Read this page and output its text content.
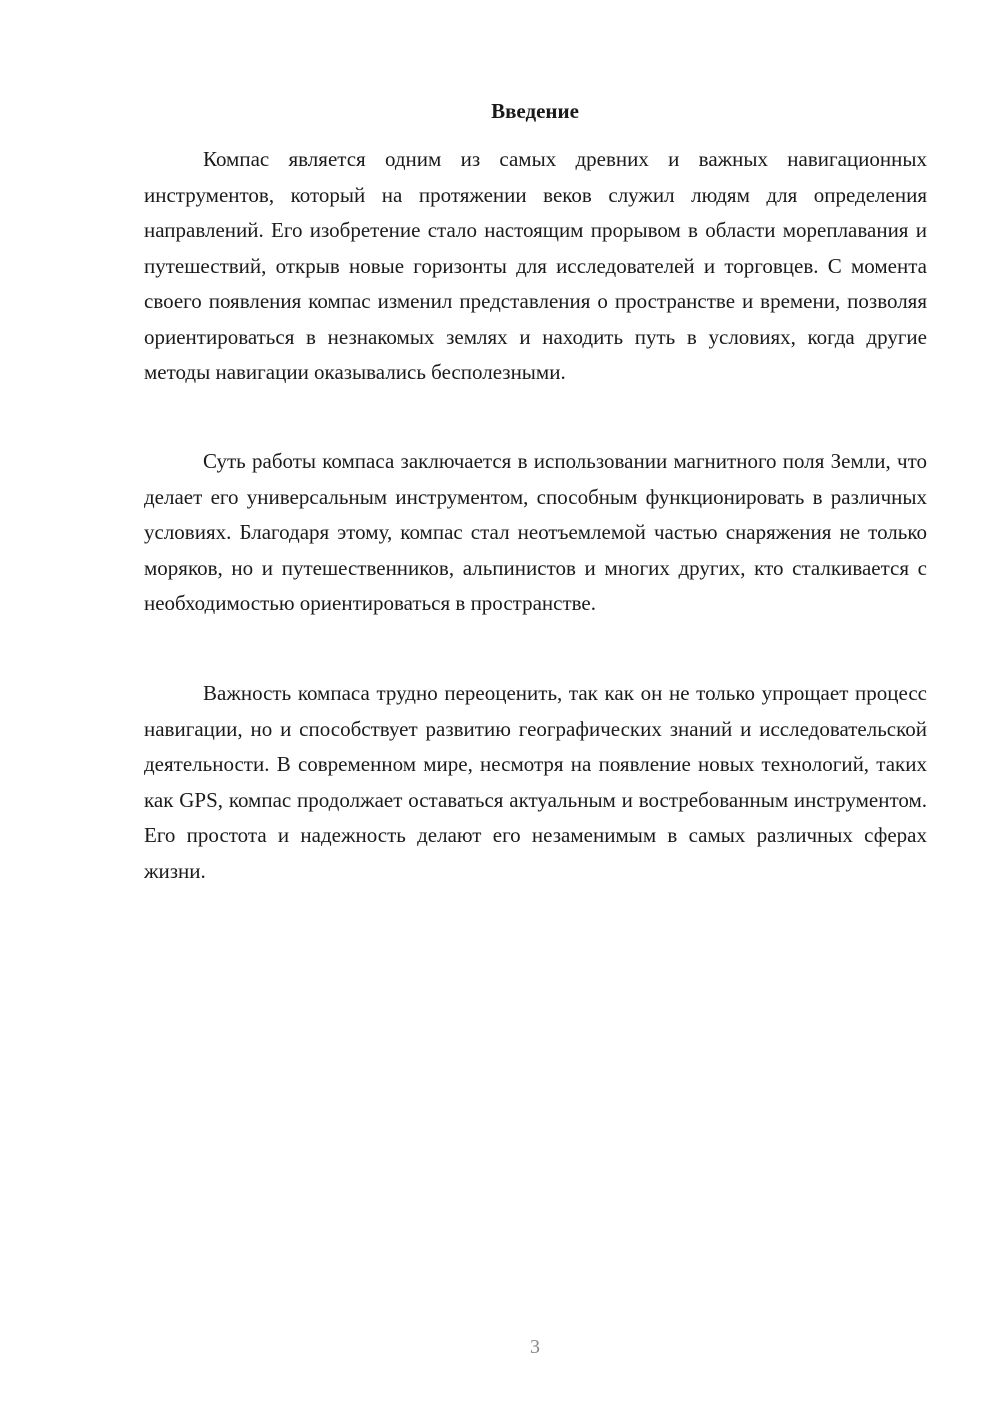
Введение

Компас является одним из самых древних и важных навигационных инструментов, который на протяжении веков служил людям для определения направлений. Его изобретение стало настоящим прорывом в области мореплавания и путешествий, открыв новые горизонты для исследователей и торговцев. С момента своего появления компас изменил представления о пространстве и времени, позволяя ориентироваться в незнакомых землях и находить путь в условиях, когда другие методы навигации оказывались бесполезными.

Суть работы компаса заключается в использовании магнитного поля Земли, что делает его универсальным инструментом, способным функционировать в различных условиях. Благодаря этому, компас стал неотъемлемой частью снаряжения не только моряков, но и путешественников, альпинистов и многих других, кто сталкивается с необходимостью ориентироваться в пространстве.

Важность компаса трудно переоценить, так как он не только упрощает процесс навигации, но и способствует развитию географических знаний и исследовательской деятельности. В современном мире, несмотря на появление новых технологий, таких как GPS, компас продолжает оставаться актуальным и востребованным инструментом. Его простота и надежность делают его незаменимым в самых различных сферах жизни.

3
